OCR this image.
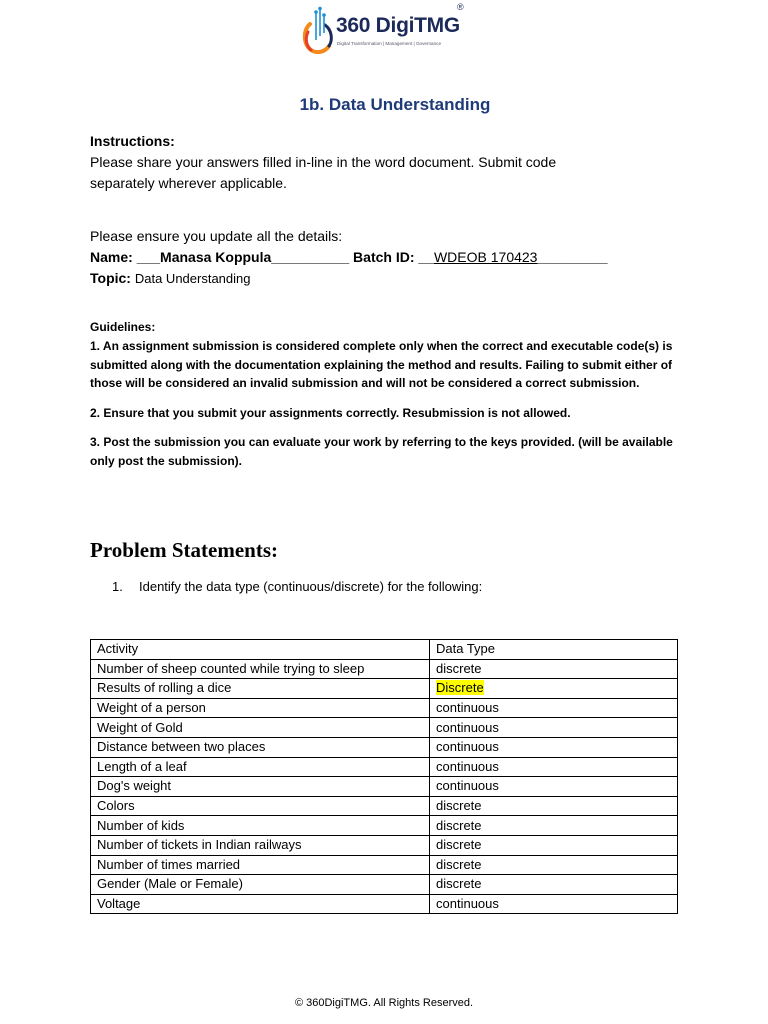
360 DigiTMG
®
Digital Transformation | Management | Governance
1b. Data Understanding
Instructions:
Please share your answers filled in-line in the word document. Submit code
separately wherever applicable.
Please ensure you update all the details:
Name: ___Manasa Koppula__________ Batch ID: __WDEOB 170423_________
Topic: Data Understanding
Guidelines:
1. An assignment submission is considered complete only when the correct and executable code(s) is submitted along with the documentation explaining the method and results. Failing to submit either of those will be considered an invalid submission and will not be considered a correct submission.
2. Ensure that you submit your assignments correctly. Resubmission is not allowed.
3. Post the submission you can evaluate your work by referring to the keys provided. (will be available only post the submission).
Problem Statements:
1. Identify the data type (continuous/discrete) for the following:
Activity	Data Type
Number of sheep counted while trying to sleep	discrete
Results of rolling a dice	Discrete
Weight of a person	continuous
Weight of Gold	continuous
Distance between two places	continuous
Length of a leaf	continuous
Dog's weight	continuous
Colors	discrete
Number of kids	discrete
Number of tickets in Indian railways	discrete
Number of times married	discrete
Gender (Male or Female)	discrete
Voltage	continuous
© 360DigiTMG. All Rights Reserved.
